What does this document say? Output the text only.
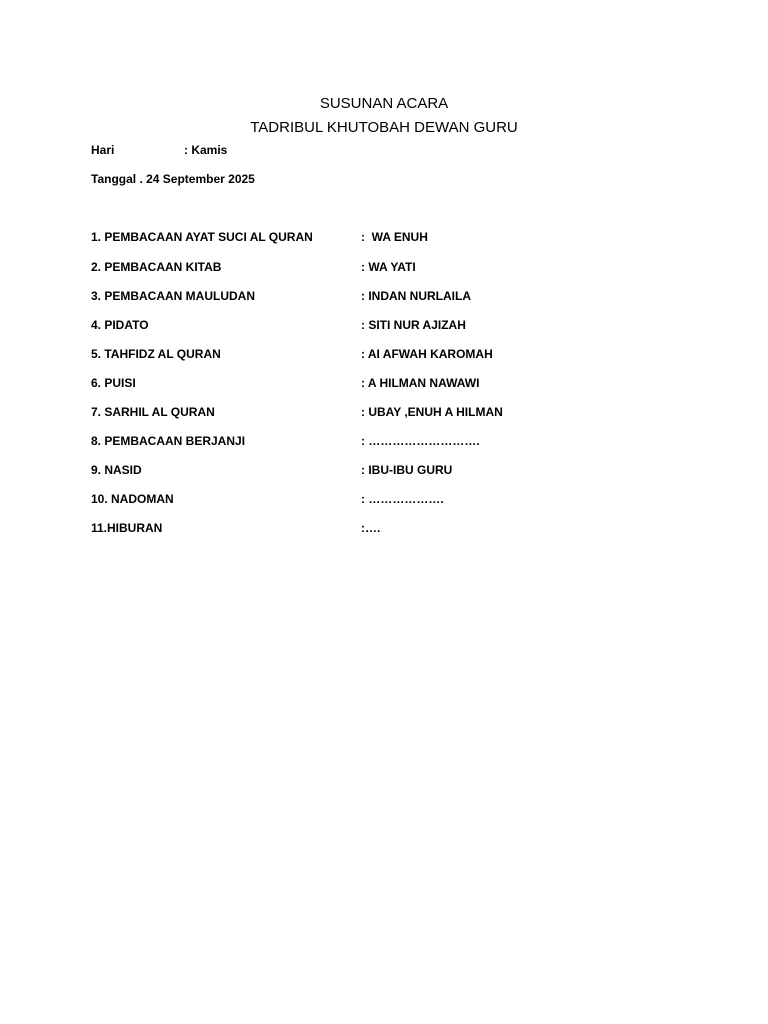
SUSUNAN ACARA
TADRIBUL KHUTOBAH DEWAN GURU
Hari	: Kamis
Tanggal . 24 September 2025
1. PEMBACAAN AYAT SUCI AL QURAN	:  WA ENUH
2. PEMBACAAN KITAB	: WA YATI
3. PEMBACAAN MAULUDAN	: INDAN NURLAILA
4. PIDATO	: SITI NUR AJIZAH
5. TAHFIDZ AL QURAN	: AI AFWAH KAROMAH
6. PUISI	: A HILMAN NAWAWI
7. SARHIL AL QURAN	: UBAY ,ENUH A HILMAN
8. PEMBACAAN BERJANJI	: ……………………….
9. NASID	: IBU-IBU GURU
10. NADOMAN	: ……………….
11.HIBURAN	:….
